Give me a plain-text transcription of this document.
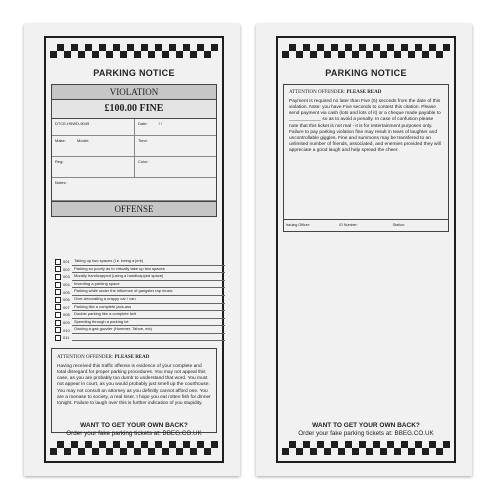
PARKING NOTICE
VIOLATION
£100.00 FINE
DTCE-H5WD-9045	Date:	/ /
Make:	Model:	Time:
Reg:	Color:
Notes:
OFFENSE
001	Taking up two spaces (i.e. being a jerk)
002	Parking so poorly as to virtually take up two spaces
003	Morally handicapped (using a handicapped space)
004	Inventing a parking space
005	Parking while under the influence of gangster rap music
006	Over-decorating a crappy car / van
007	Parking like a complete jack-ass
008	Double parking like a complete twit
009	Speeding through a parking lot
010	Owning a gas guzzler (Hummer, Tahoe, etc)
011
ATTENTION OFFENDER: PLEASE READ
Having received this traffic offense is evidence of your complete and total disregard for proper parking procedures. You may not appeal this case, as you are probably too dumb to understand that word. You must not appear in court, as you would probably just smell up the courthouse. You may not consult an attorney as you definitly cannot afford one. You are a menase to society, a real loser. I hope you eat rotten fish for dinner tonight. Failure to laugh over this is further indication of you stupidity.
WANT TO GET YOUR OWN BACK?
Order your fake parking tickets at: BBEG.CO.UK
PARKING NOTICE
ATTENTION OFFENDER: PLEASE READ
Payment is required no later than Five (5) seconds from the date of this violation. Note: you have Five seconds to contest this citation. Please send payment via cash (lots and lots of it) or a cheque made payable to ____________ so as to avoid a penalty. In case of confusion please note that this ticket is not real - it is for entertainment purposes only. Failure to pay parking violation fine may result in tears of laughter and uncontrollable giggles. Fine and summons may be transfered to an unlimited number of friends, associated, and enemies provided they will appreciate a good laugh and help spread the cheer.
Issuing Officer:	ID Number:	Station:
WANT TO GET YOUR OWN BACK?
Order your fake parking tickets at: BBEG.CO.UK
